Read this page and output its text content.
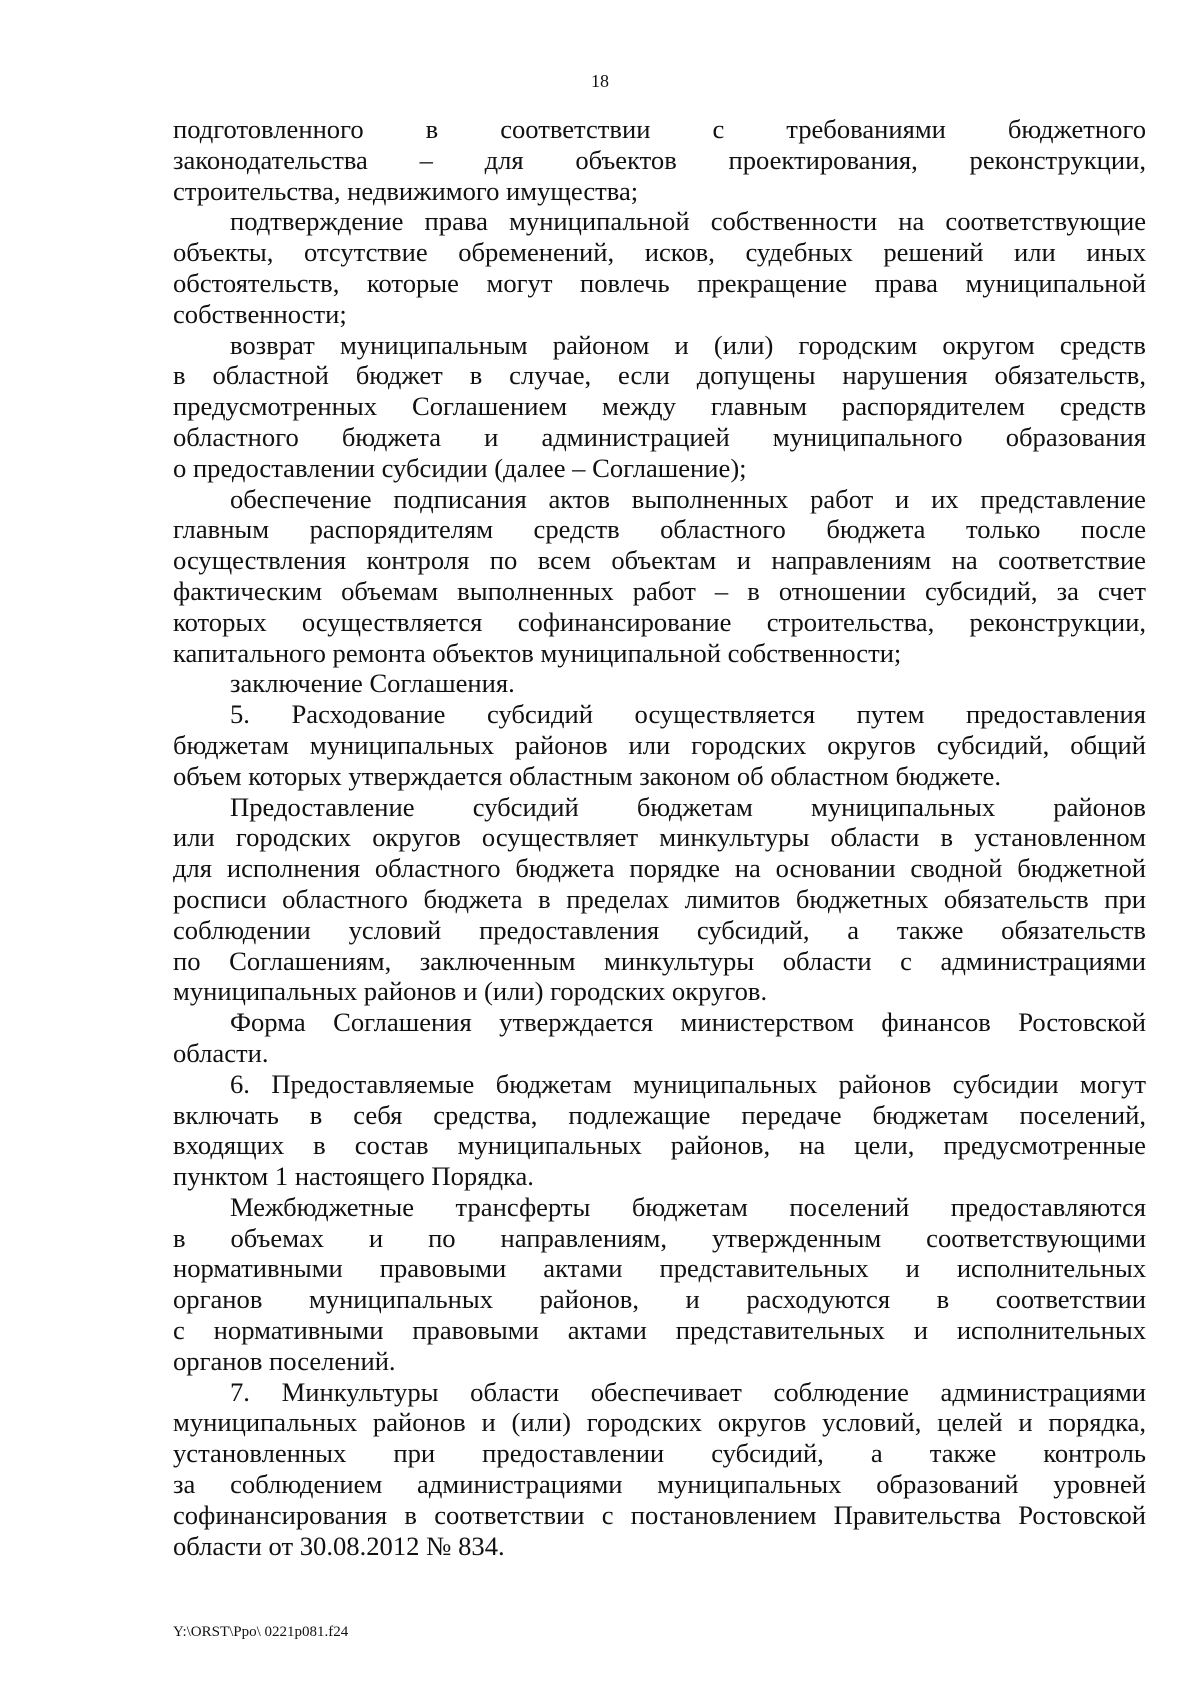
18

подготовленного в соответствии с требованиями бюджетного

законодательства – для объектов проектирования, реконструкции,

строительства, недвижимого имущества;

подтверждение права муниципальной собственности на соответствующие

объекты, отсутствие обременений, исков, судебных решений или иных

обстоятельств, которые могут повлечь прекращение права муниципальной

собственности;

возврат муниципальным районом и (или) городским округом средств

в областной бюджет в случае, если допущены нарушения обязательств,

предусмотренных Соглашением между главным распорядителем средств

областного бюджета и администрацией муниципального образования

о предоставлении субсидии (далее – Соглашение);

обеспечение подписания актов выполненных работ и их представление

главным распорядителям средств областного бюджета только после

осуществления контроля по всем объектам и направлениям на соответствие

фактическим объемам выполненных работ – в отношении субсидий, за счет

которых осуществляется софинансирование строительства, реконструкции,

капитального ремонта объектов муниципальной собственности;

заключение Соглашения.

5. Расходование субсидий осуществляется путем предоставления

бюджетам муниципальных районов или городских округов субсидий, общий

объем которых утверждается областным законом об областном бюджете.

Предоставление субсидий бюджетам муниципальных районов

или городских округов осуществляет минкультуры области в установленном

для исполнения областного бюджета порядке на основании сводной бюджетной

росписи областного бюджета в пределах лимитов бюджетных обязательств при

соблюдении условий предоставления субсидий, а также обязательств

по Соглашениям, заключенным минкультуры области с администрациями

муниципальных районов и (или) городских округов.

Форма Соглашения утверждается министерством финансов Ростовской

области.

6. Предоставляемые бюджетам муниципальных районов субсидии могут

включать в себя средства, подлежащие передаче бюджетам поселений,

входящих в состав муниципальных районов, на цели, предусмотренные

пунктом 1 настоящего Порядка.

Межбюджетные трансферты бюджетам поселений предоставляются

в объемах и по направлениям, утвержденным соответствующими

нормативными правовыми актами представительных и исполнительных

органов муниципальных районов, и расходуются в соответствии

с нормативными правовыми актами представительных и исполнительных

органов поселений.

7. Минкультуры области обеспечивает соблюдение администрациями

муниципальных районов и (или) городских округов условий, целей и порядка,

установленных при предоставлении субсидий, а также контроль

за соблюдением администрациями муниципальных образований уровней

софинансирования в соответствии с постановлением Правительства Ростовской

области от 30.08.2012 № 834.

Y:\ORST\Ppo\ 0221p081.f24
